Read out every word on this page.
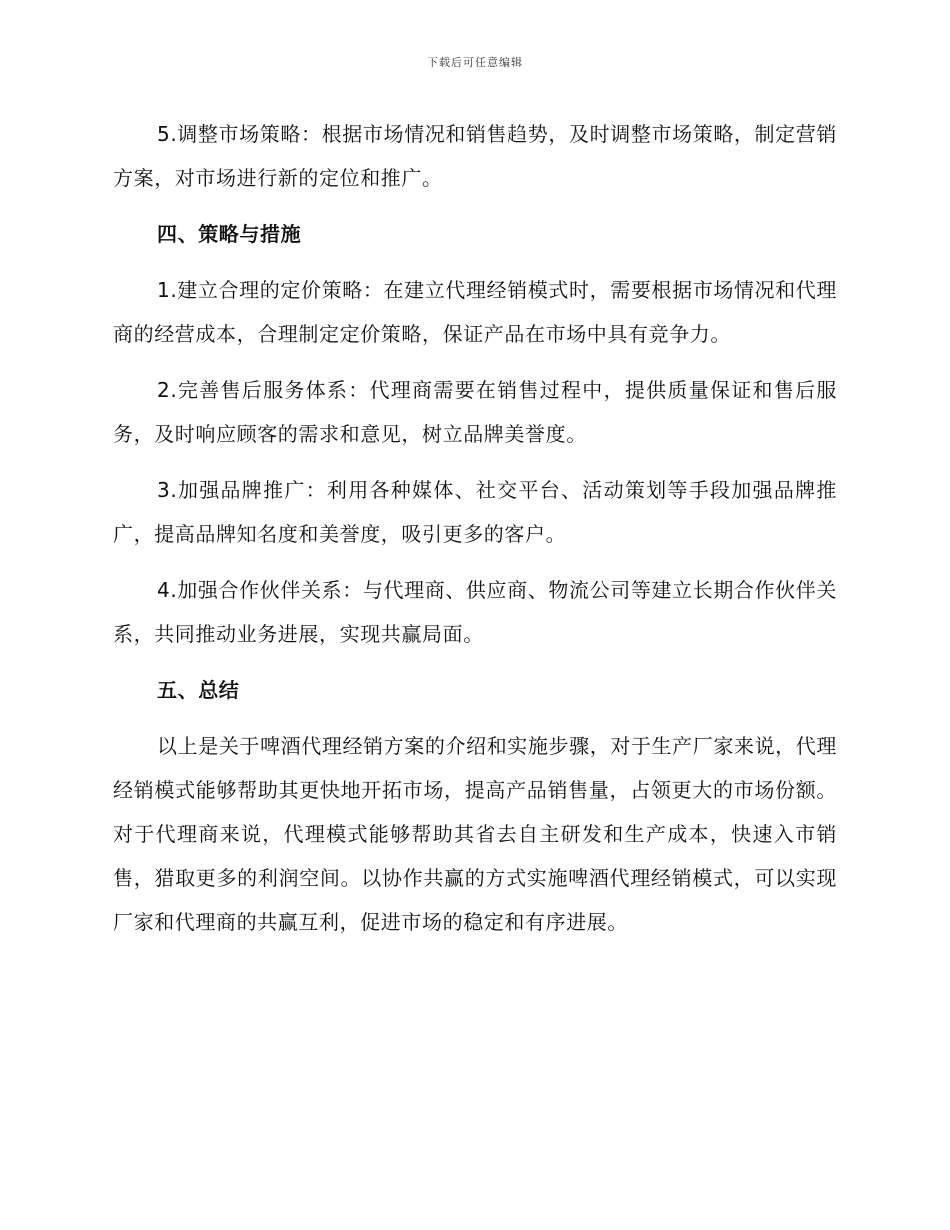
下载后可任意编辑

5.调整市场策略：根据市场情况和销售趋势，及时调整市场策略，制定营销方案，对市场进行新的定位和推广。

四、策略与措施

1.建立合理的定价策略：在建立代理经销模式时，需要根据市场情况和代理商的经营成本，合理制定定价策略，保证产品在市场中具有竞争力。

2.完善售后服务体系：代理商需要在销售过程中，提供质量保证和售后服务，及时响应顾客的需求和意见，树立品牌美誉度。

3.加强品牌推广：利用各种媒体、社交平台、活动策划等手段加强品牌推广，提高品牌知名度和美誉度，吸引更多的客户。

4.加强合作伙伴关系：与代理商、供应商、物流公司等建立长期合作伙伴关系，共同推动业务进展，实现共赢局面。

五、总结

以上是关于啤酒代理经销方案的介绍和实施步骤，对于生产厂家来说，代理经销模式能够帮助其更快地开拓市场，提高产品销售量，占领更大的市场份额。对于代理商来说，代理模式能够帮助其省去自主研发和生产成本，快速入市销售，猎取更多的利润空间。以协作共赢的方式实施啤酒代理经销模式，可以实现厂家和代理商的共赢互利，促进市场的稳定和有序进展。
